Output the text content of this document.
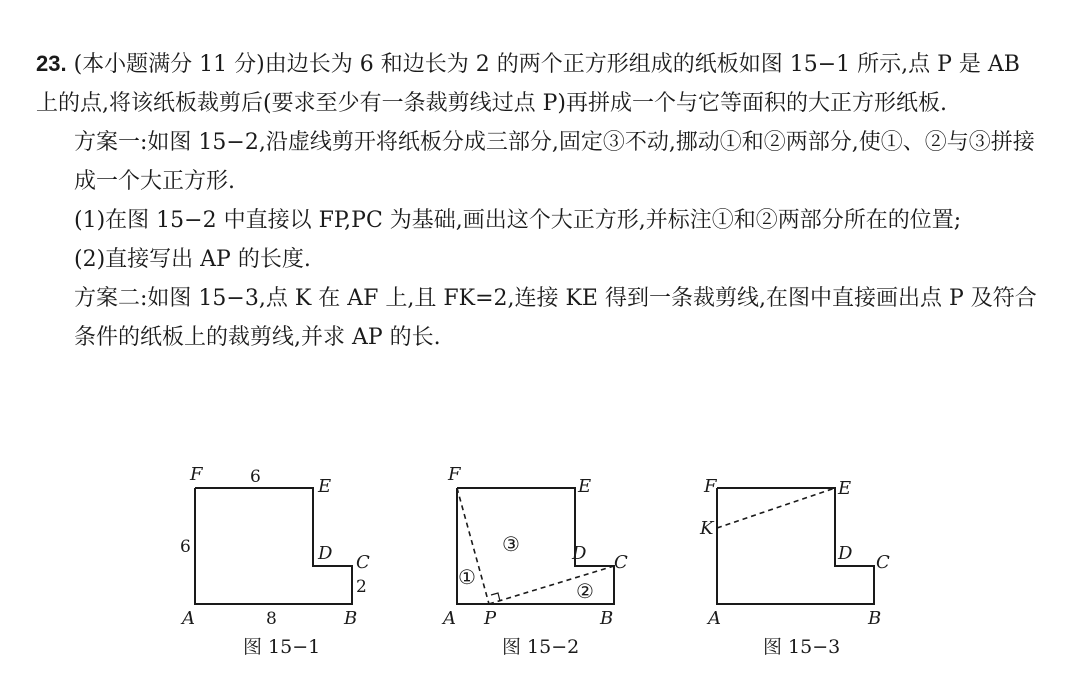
23. (本小题满分 11 分)由边长为 6 和边长为 2 的两个正方形组成的纸板如图 15−1 所示,点 P 是 AB 上的点,将该纸板裁剪后(要求至少有一条裁剪线过点 P)再拼成一个与它等面积的大正方形纸板.

方案一:如图 15−2,沿虚线剪开将纸板分成三部分,固定③不动,挪动①和②两部分,使①、②与③拼接成一个大正方形.

(1)在图 15−2 中直接以 FP,PC 为基础,画出这个大正方形,并标注①和②两部分所在的位置;

(2)直接写出 AP 的长度.

方案二:如图 15−3,点 K 在 AF 上,且 FK=2,连接 KE 得到一条裁剪线,在图中直接画出点 P 及符合条件的纸板上的裁剪线,并求 AP 的长.

F	6	E
6	D C
2
A	8	B
F
E
D C
A P	B
①
②
③
F	E
K
D C
A	B
图 15−1	图 15−2	图 15−3
